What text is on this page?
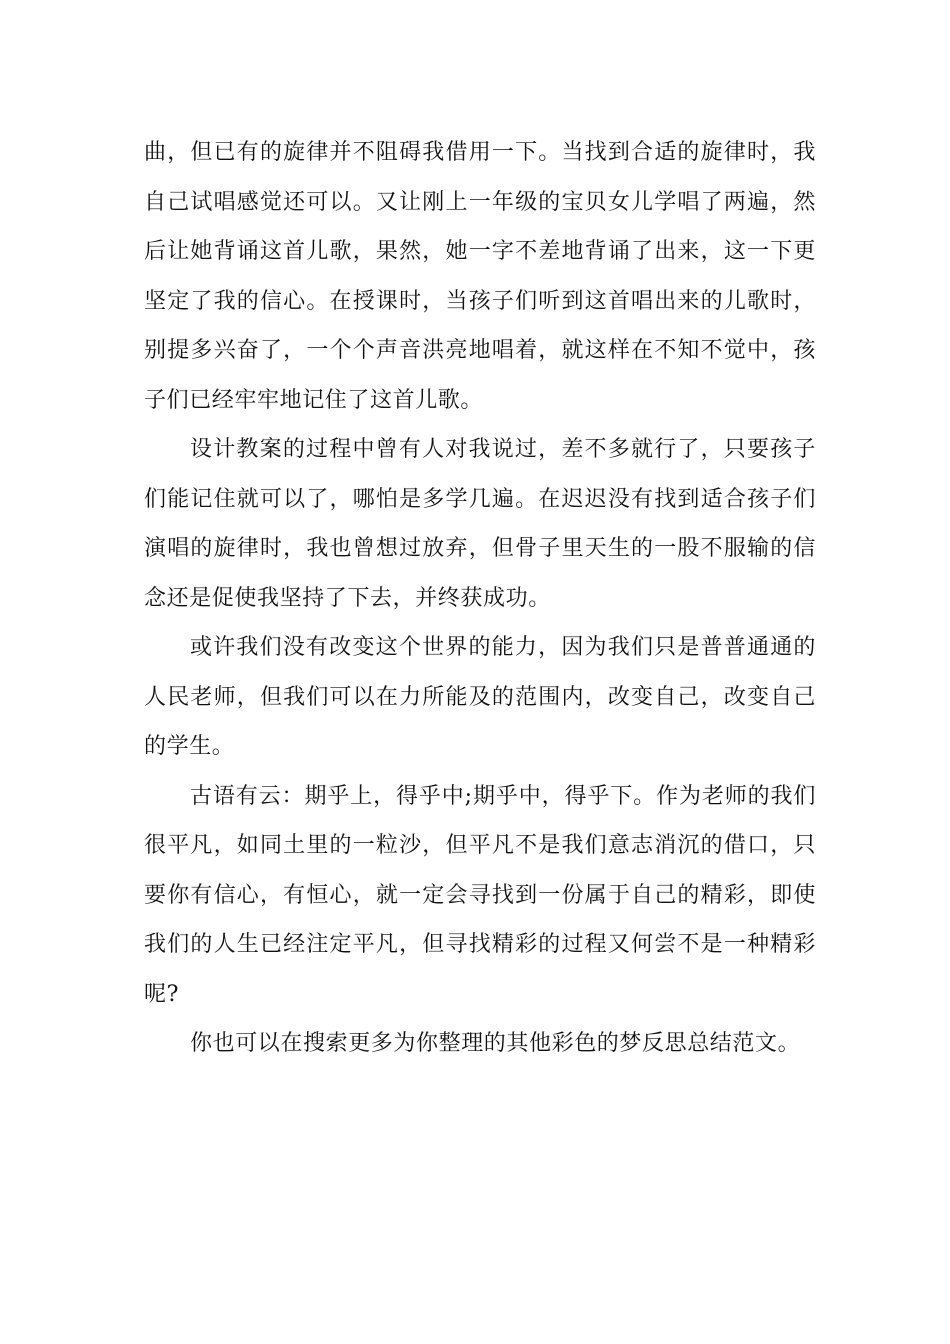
曲，但已有的旋律并不阻碍我借用一下。当找到合适的旋律时，我自己试唱感觉还可以。又让刚上一年级的宝贝女儿学唱了两遍，然后让她背诵这首儿歌，果然，她一字不差地背诵了出来，这一下更坚定了我的信心。在授课时，当孩子们听到这首唱出来的儿歌时，别提多兴奋了，一个个声音洪亮地唱着，就这样在不知不觉中，孩子们已经牢牢地记住了这首儿歌。

设计教案的过程中曾有人对我说过，差不多就行了，只要孩子们能记住就可以了，哪怕是多学几遍。在迟迟没有找到适合孩子们演唱的旋律时，我也曾想过放弃，但骨子里天生的一股不服输的信念还是促使我坚持了下去，并终获成功。

或许我们没有改变这个世界的能力，因为我们只是普普通通的人民老师，但我们可以在力所能及的范围内，改变自己，改变自己的学生。

古语有云：期乎上，得乎中;期乎中，得乎下。作为老师的我们很平凡，如同土里的一粒沙，但平凡不是我们意志消沉的借口，只要你有信心，有恒心，就一定会寻找到一份属于自己的精彩，即使我们的人生已经注定平凡，但寻找精彩的过程又何尝不是一种精彩呢?

你也可以在搜索更多为你整理的其他彩色的梦反思总结范文。
